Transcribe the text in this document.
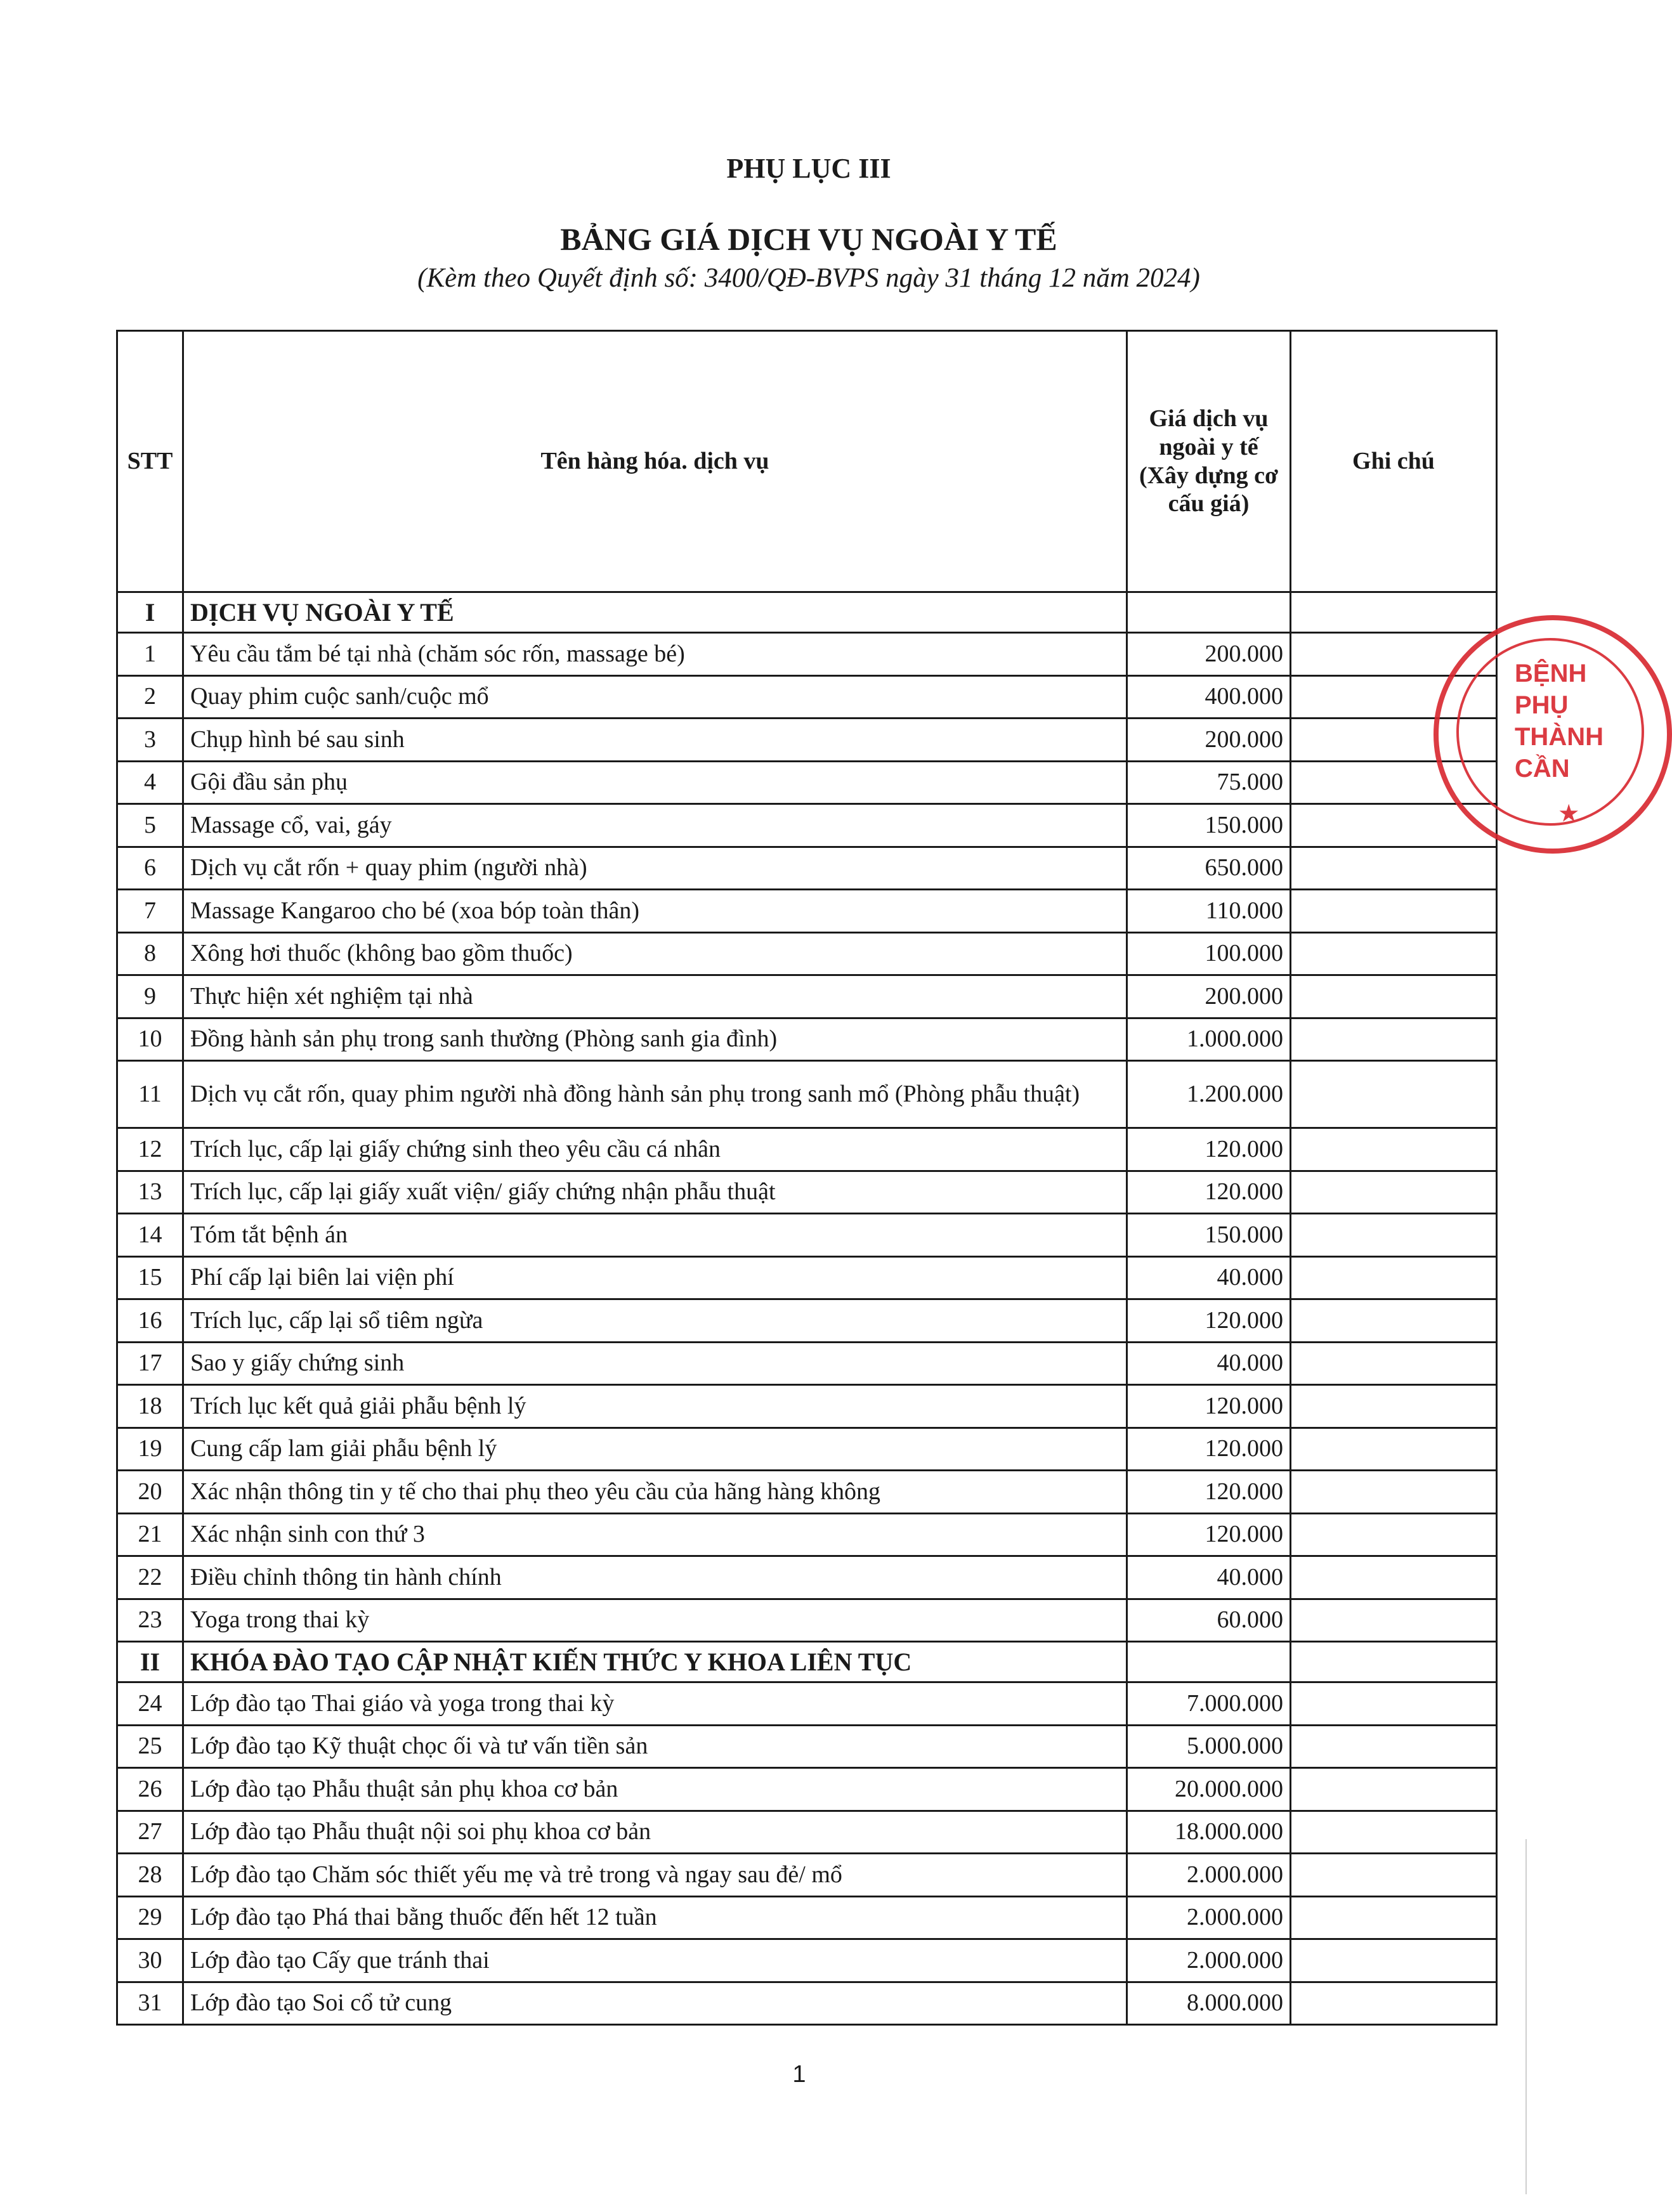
PHỤ LỤC III
BẢNG GIÁ DỊCH VỤ NGOÀI Y TẾ
(Kèm theo Quyết định số: 3400/QĐ-BVPS ngày 31 tháng 12 năm 2024)
STT	Tên hàng hóa. dịch vụ	Giá dịch vụ ngoài y tế (Xây dựng cơ cấu giá)	Ghi chú
I	DỊCH VỤ NGOÀI Y TẾ		
1	Yêu cầu tắm bé tại nhà (chăm sóc rốn, massage bé)	200.000	
2	Quay phim cuộc sanh/cuộc mổ	400.000	
3	Chụp hình bé sau sinh	200.000	
4	Gội đầu sản phụ	75.000	
5	Massage cổ, vai, gáy	150.000	
6	Dịch vụ cắt rốn + quay phim (người nhà)	650.000	
7	Massage Kangaroo cho bé (xoa bóp toàn thân)	110.000	
8	Xông hơi thuốc (không bao gồm thuốc)	100.000	
9	Thực hiện xét nghiệm tại nhà	200.000	
10	Đồng hành sản phụ trong sanh thường (Phòng sanh gia đình)	1.000.000	
11	Dịch vụ cắt rốn, quay phim người nhà đồng hành sản phụ trong sanh mổ (Phòng phẫu thuật)	1.200.000	
12	Trích lục, cấp lại giấy chứng sinh theo yêu cầu cá nhân	120.000	
13	Trích lục, cấp lại giấy xuất viện/ giấy chứng nhận phẫu thuật	120.000	
14	Tóm tắt bệnh án	150.000	
15	Phí cấp lại biên lai viện phí	40.000	
16	Trích lục, cấp lại sổ tiêm ngừa	120.000	
17	Sao y giấy chứng sinh	40.000	
18	Trích lục kết quả giải phẫu bệnh lý	120.000	
19	Cung cấp lam giải phẫu bệnh lý	120.000	
20	Xác nhận thông tin y tế cho thai phụ theo yêu cầu của hãng hàng không	120.000	
21	Xác nhận sinh con thứ 3	120.000	
22	Điều chỉnh thông tin hành chính	40.000	
23	Yoga trong thai kỳ	60.000	
II	KHÓA ĐÀO TẠO CẬP NHẬT KIẾN THỨC Y KHOA LIÊN TỤC		
24	Lớp đào tạo Thai giáo và yoga trong thai kỳ	7.000.000	
25	Lớp đào tạo Kỹ thuật chọc ối và tư vấn tiền sản	5.000.000	
26	Lớp đào tạo Phẫu thuật sản phụ khoa cơ bản	20.000.000	
27	Lớp đào tạo Phẫu thuật nội soi phụ khoa cơ bản	18.000.000	
28	Lớp đào tạo Chăm sóc thiết yếu mẹ và trẻ trong và ngay sau đẻ/ mổ	2.000.000	
29	Lớp đào tạo Phá thai bằng thuốc đến hết 12 tuần	2.000.000	
30	Lớp đào tạo Cấy que tránh thai	2.000.000	
31	Lớp đào tạo Soi cổ tử cung	8.000.000	
BỆNH
PHỤ
THÀNH
CẦN
★
1
